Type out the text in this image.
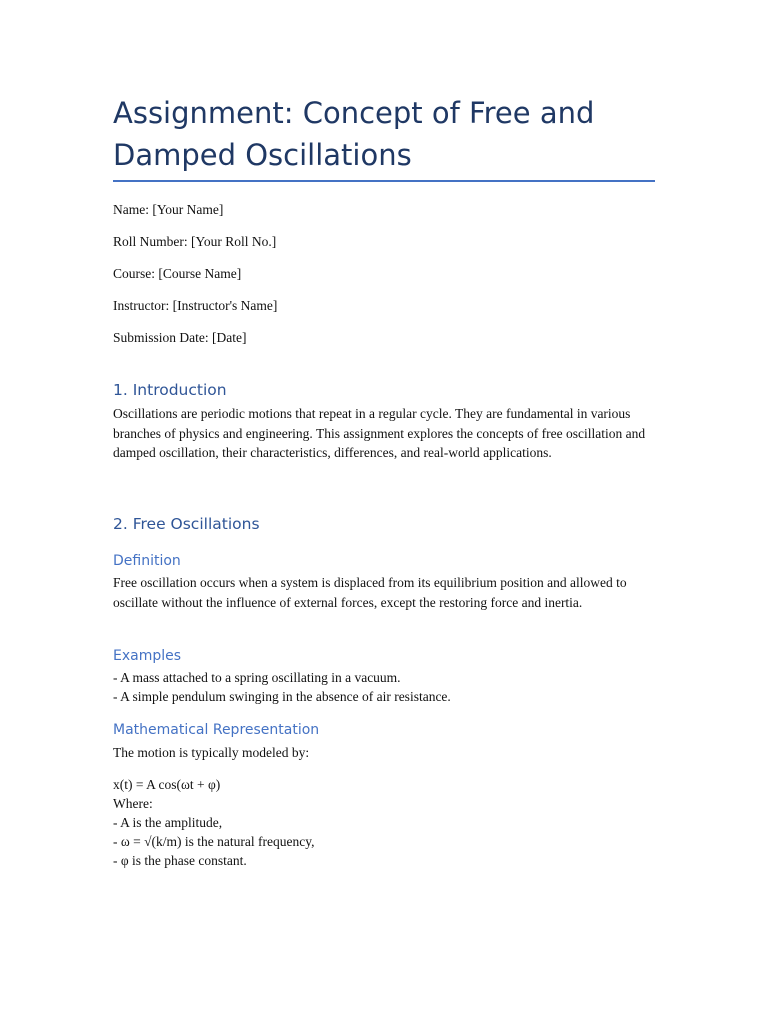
Assignment: Concept of Free and
Damped Oscillations
Name: [Your Name]
Roll Number: [Your Roll No.]
Course: [Course Name]
Instructor: [Instructor's Name]
Submission Date: [Date]
1. Introduction

Oscillations are periodic motions that repeat in a regular cycle. They are fundamental in various branches of physics and engineering. This assignment explores the concepts of free oscillation and damped oscillation, their characteristics, differences, and real-world applications.

2. Free Oscillations
Definition

Free oscillation occurs when a system is displaced from its equilibrium position and allowed to oscillate without the influence of external forces, except the restoring force and inertia.

Examples
- A mass attached to a spring oscillating in a vacuum.
- A simple pendulum swinging in the absence of air resistance.
Mathematical Representation
The motion is typically modeled by:
x(t) = A cos(ωt + φ)
Where:
- A is the amplitude,
- ω = √(k/m) is the natural frequency,
- φ is the phase constant.
